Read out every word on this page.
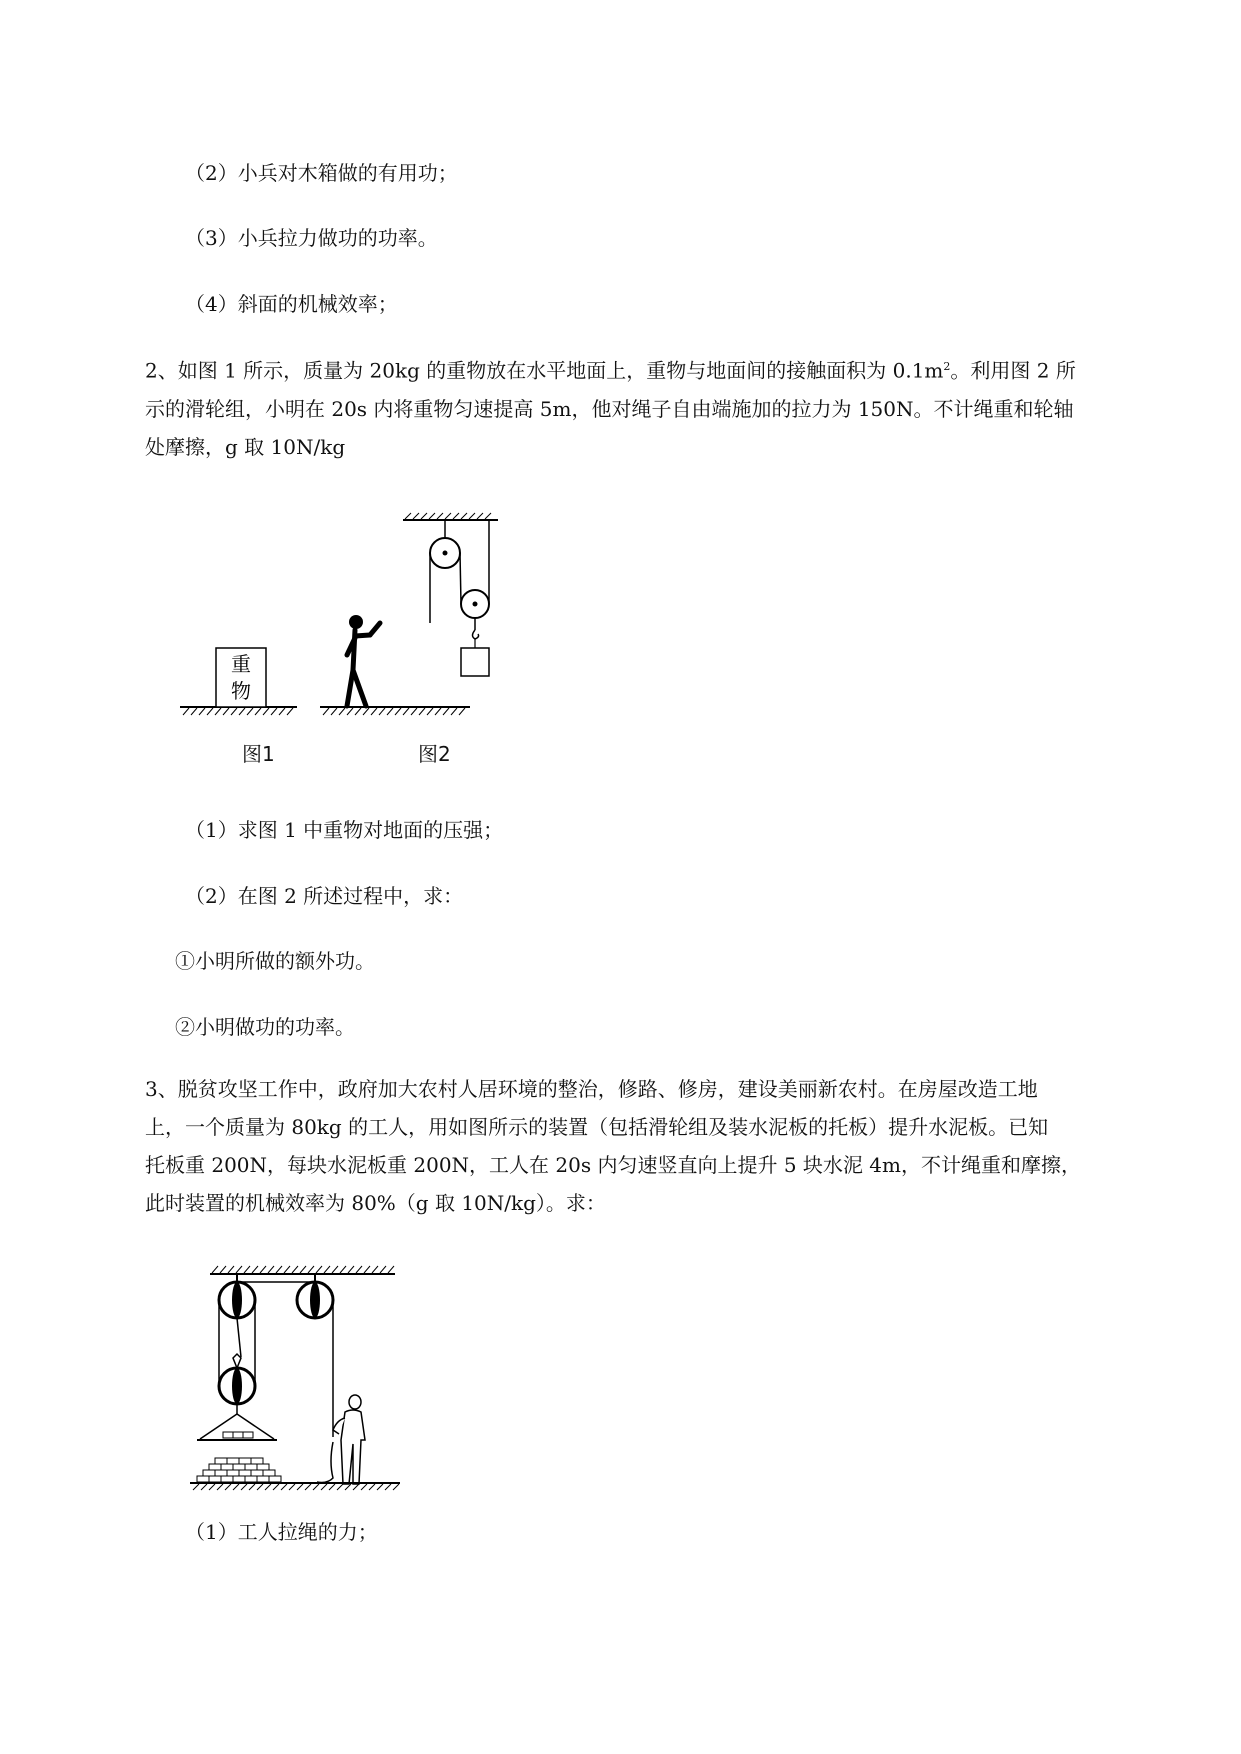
（2）小兵对木箱做的有用功；
（3）小兵拉力做功的功率。
（4）斜面的机械效率；
2、如图 1 所示，质量为 20kg 的重物放在水平地面上，重物与地面间的接触面积为 $0.1m^2$。利用图 2 所
示的滑轮组，小明在 20s 内将重物匀速提高 5m，他对绳子自由端施加的拉力为 150N。不计绳重和轮轴
处摩擦，g 取 10N/kg
重
物
图1	图2
（1）求图 1 中重物对地面的压强；
（2）在图 2 所述过程中，求：
①小明所做的额外功。
②小明做功的功率。
3、脱贫攻坚工作中，政府加大农村人居环境的整治，修路、修房，建设美丽新农村。在房屋改造工地
上，一个质量为 80kg 的工人，用如图所示的装置（包括滑轮组及装水泥板的托板）提升水泥板。已知
托板重 200N，每块水泥板重 200N，工人在 20s 内匀速竖直向上提升 5 块水泥 4m，不计绳重和摩擦，
此时装置的机械效率为 80%（g 取 10N/kg）。求：
（1）工人拉绳的力；
